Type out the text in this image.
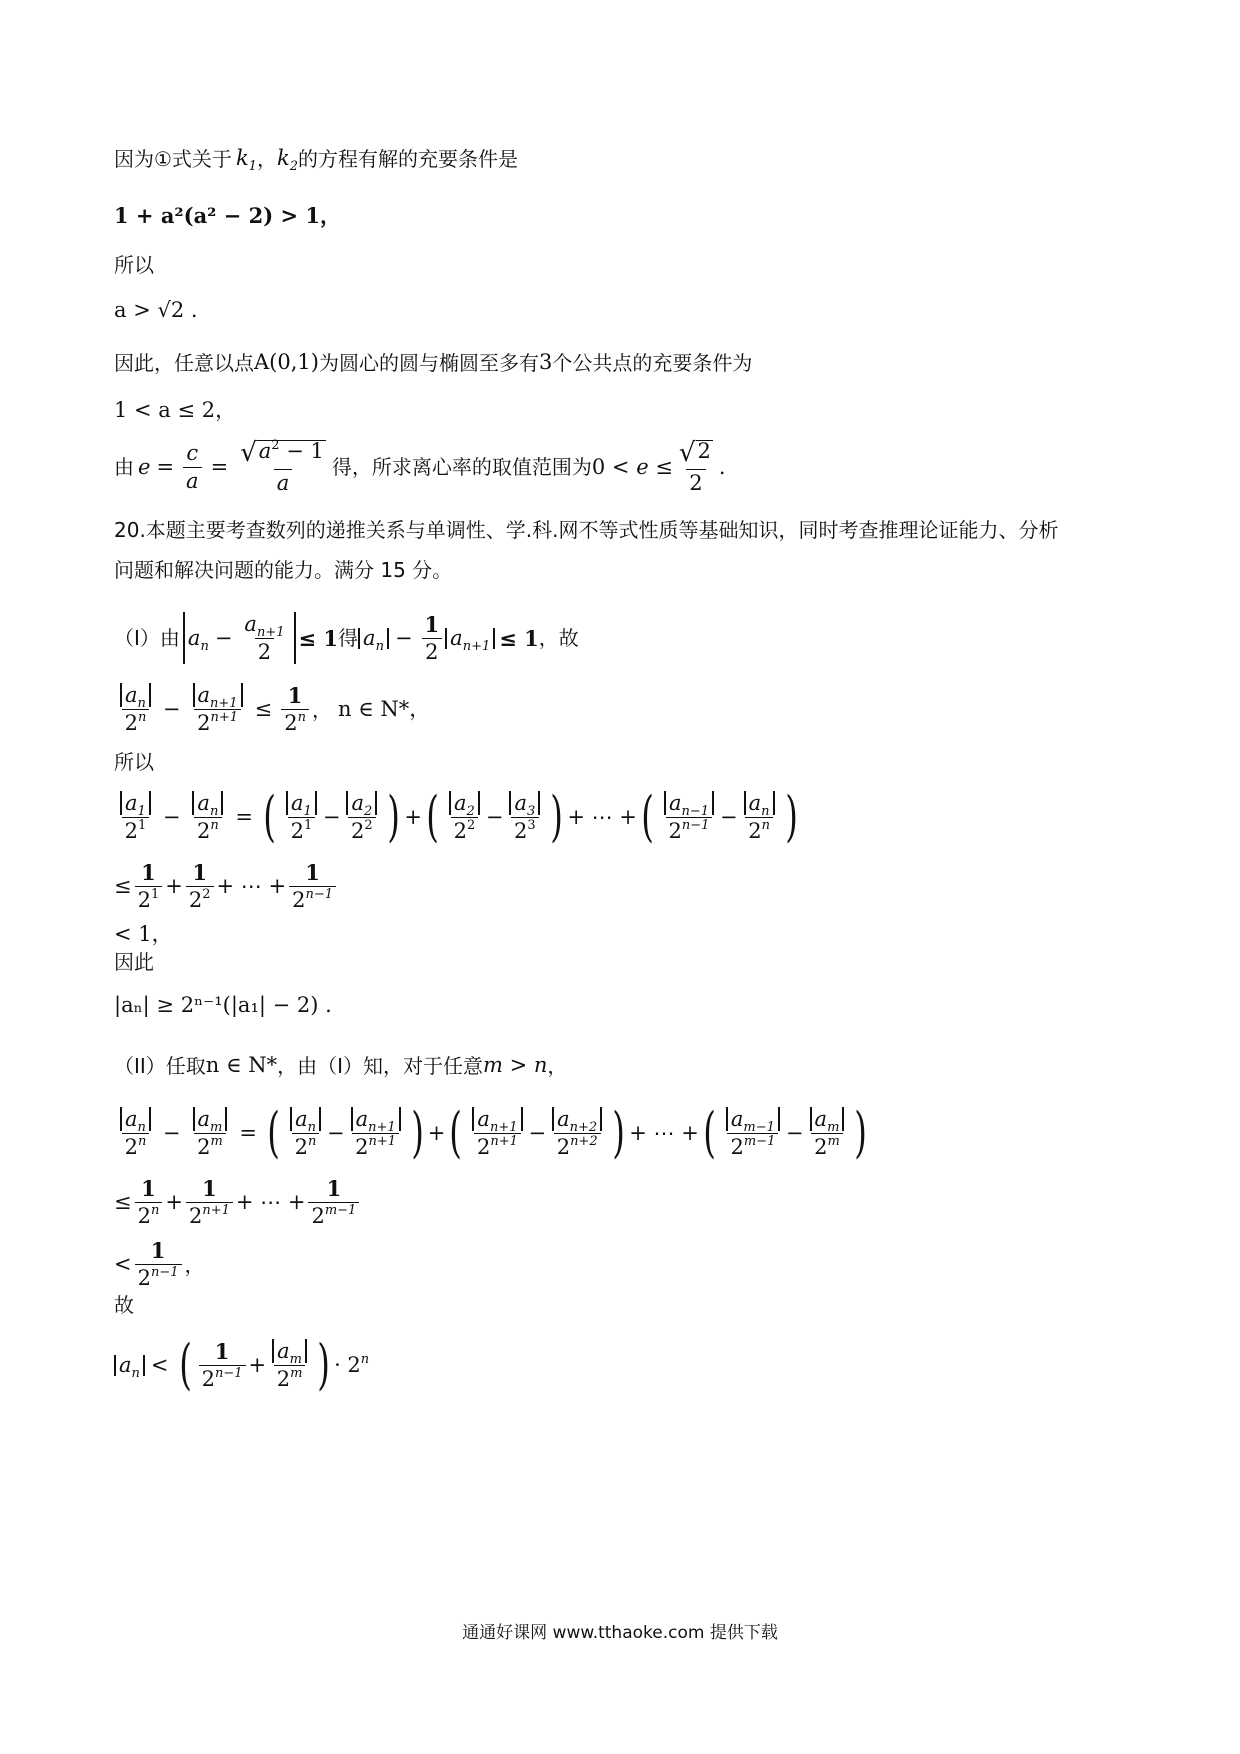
因为①式关于 $k_1$ ， $k_2$ 的方程有解的充要条件是
1 + a²(a² − 2) > 1，
所以
a > √2 .
因此，任意以点 A(0,1) 为圆心的圆与椭圆至多有 3 个公共点的充要条件为
1 < a ≤ 2，
由 $e = \frac{c}{a} = \frac{√ a^2 - 1}{a}$ 得，所求离心率的取值范围为 $0 < e \le \frac{√ 2}{2}$ .
20.本题主要考查数列的递推关系与单调性、学.科.网不等式性质等基础知识，同时考查推理论证能力、分析
问题和解决问题的能力。满分 15 分。
（I）由 $a_n - \frac{a_{n+1}}{2} \le 1$ 得 $a_n - \frac{1}{2} a_{n+1} \le 1$ ，故
$\frac{a_n}{2^n} - \frac{a_{n+1}}{2^{n+1}} \le \frac{1}{2^n}$ ， n ∈ N*，
所以
$\frac{a_1}{2^1} - \frac{a_n}{2^n}$ = ( $\frac{a_1}{2^1} - \frac{a_2}{2^2}$ ) + ( $\frac{a_2}{2^2} - \frac{a_3}{2^3}$ ) + ⋯ + ( $\frac{a_{n-1}}{2^{n-1}} - \frac{a_n}{2^n}$ )
≤ $\frac{1}{2^1} + \frac{1}{2^2}$ + ⋯ + $\frac{1}{2^{n-1}}$
< 1，
因此
|aₙ| ≥ 2ⁿ⁻¹(|a₁| − 2) .
（II）任取 n ∈ N* ，由（I）知，对于任意 m > n ，
$\frac{a_n}{2^n} - \frac{a_m}{2^m}$ = ( $\frac{a_n}{2^n} - \frac{a_{n+1}}{2^{n+1}}$ ) + ( $\frac{a_{n+1}}{2^{n+1}} - \frac{a_{n+2}}{2^{n+2}}$ ) + ⋯ + ( $\frac{a_{m-1}}{2^{m-1}} - \frac{a_m}{2^m}$ )
≤ $\frac{1}{2^n} + \frac{1}{2^{n+1}}$ + ⋯ + $\frac{1}{2^{m-1}}$
< $\frac{1}{2^{n-1}}$ ，
故
$a_n$ < ( $\frac{1}{2^{n-1}} + \frac{a_m}{2^m}$ ) · $2^n$
通通好课网 www.tthaoke.com 提供下载
